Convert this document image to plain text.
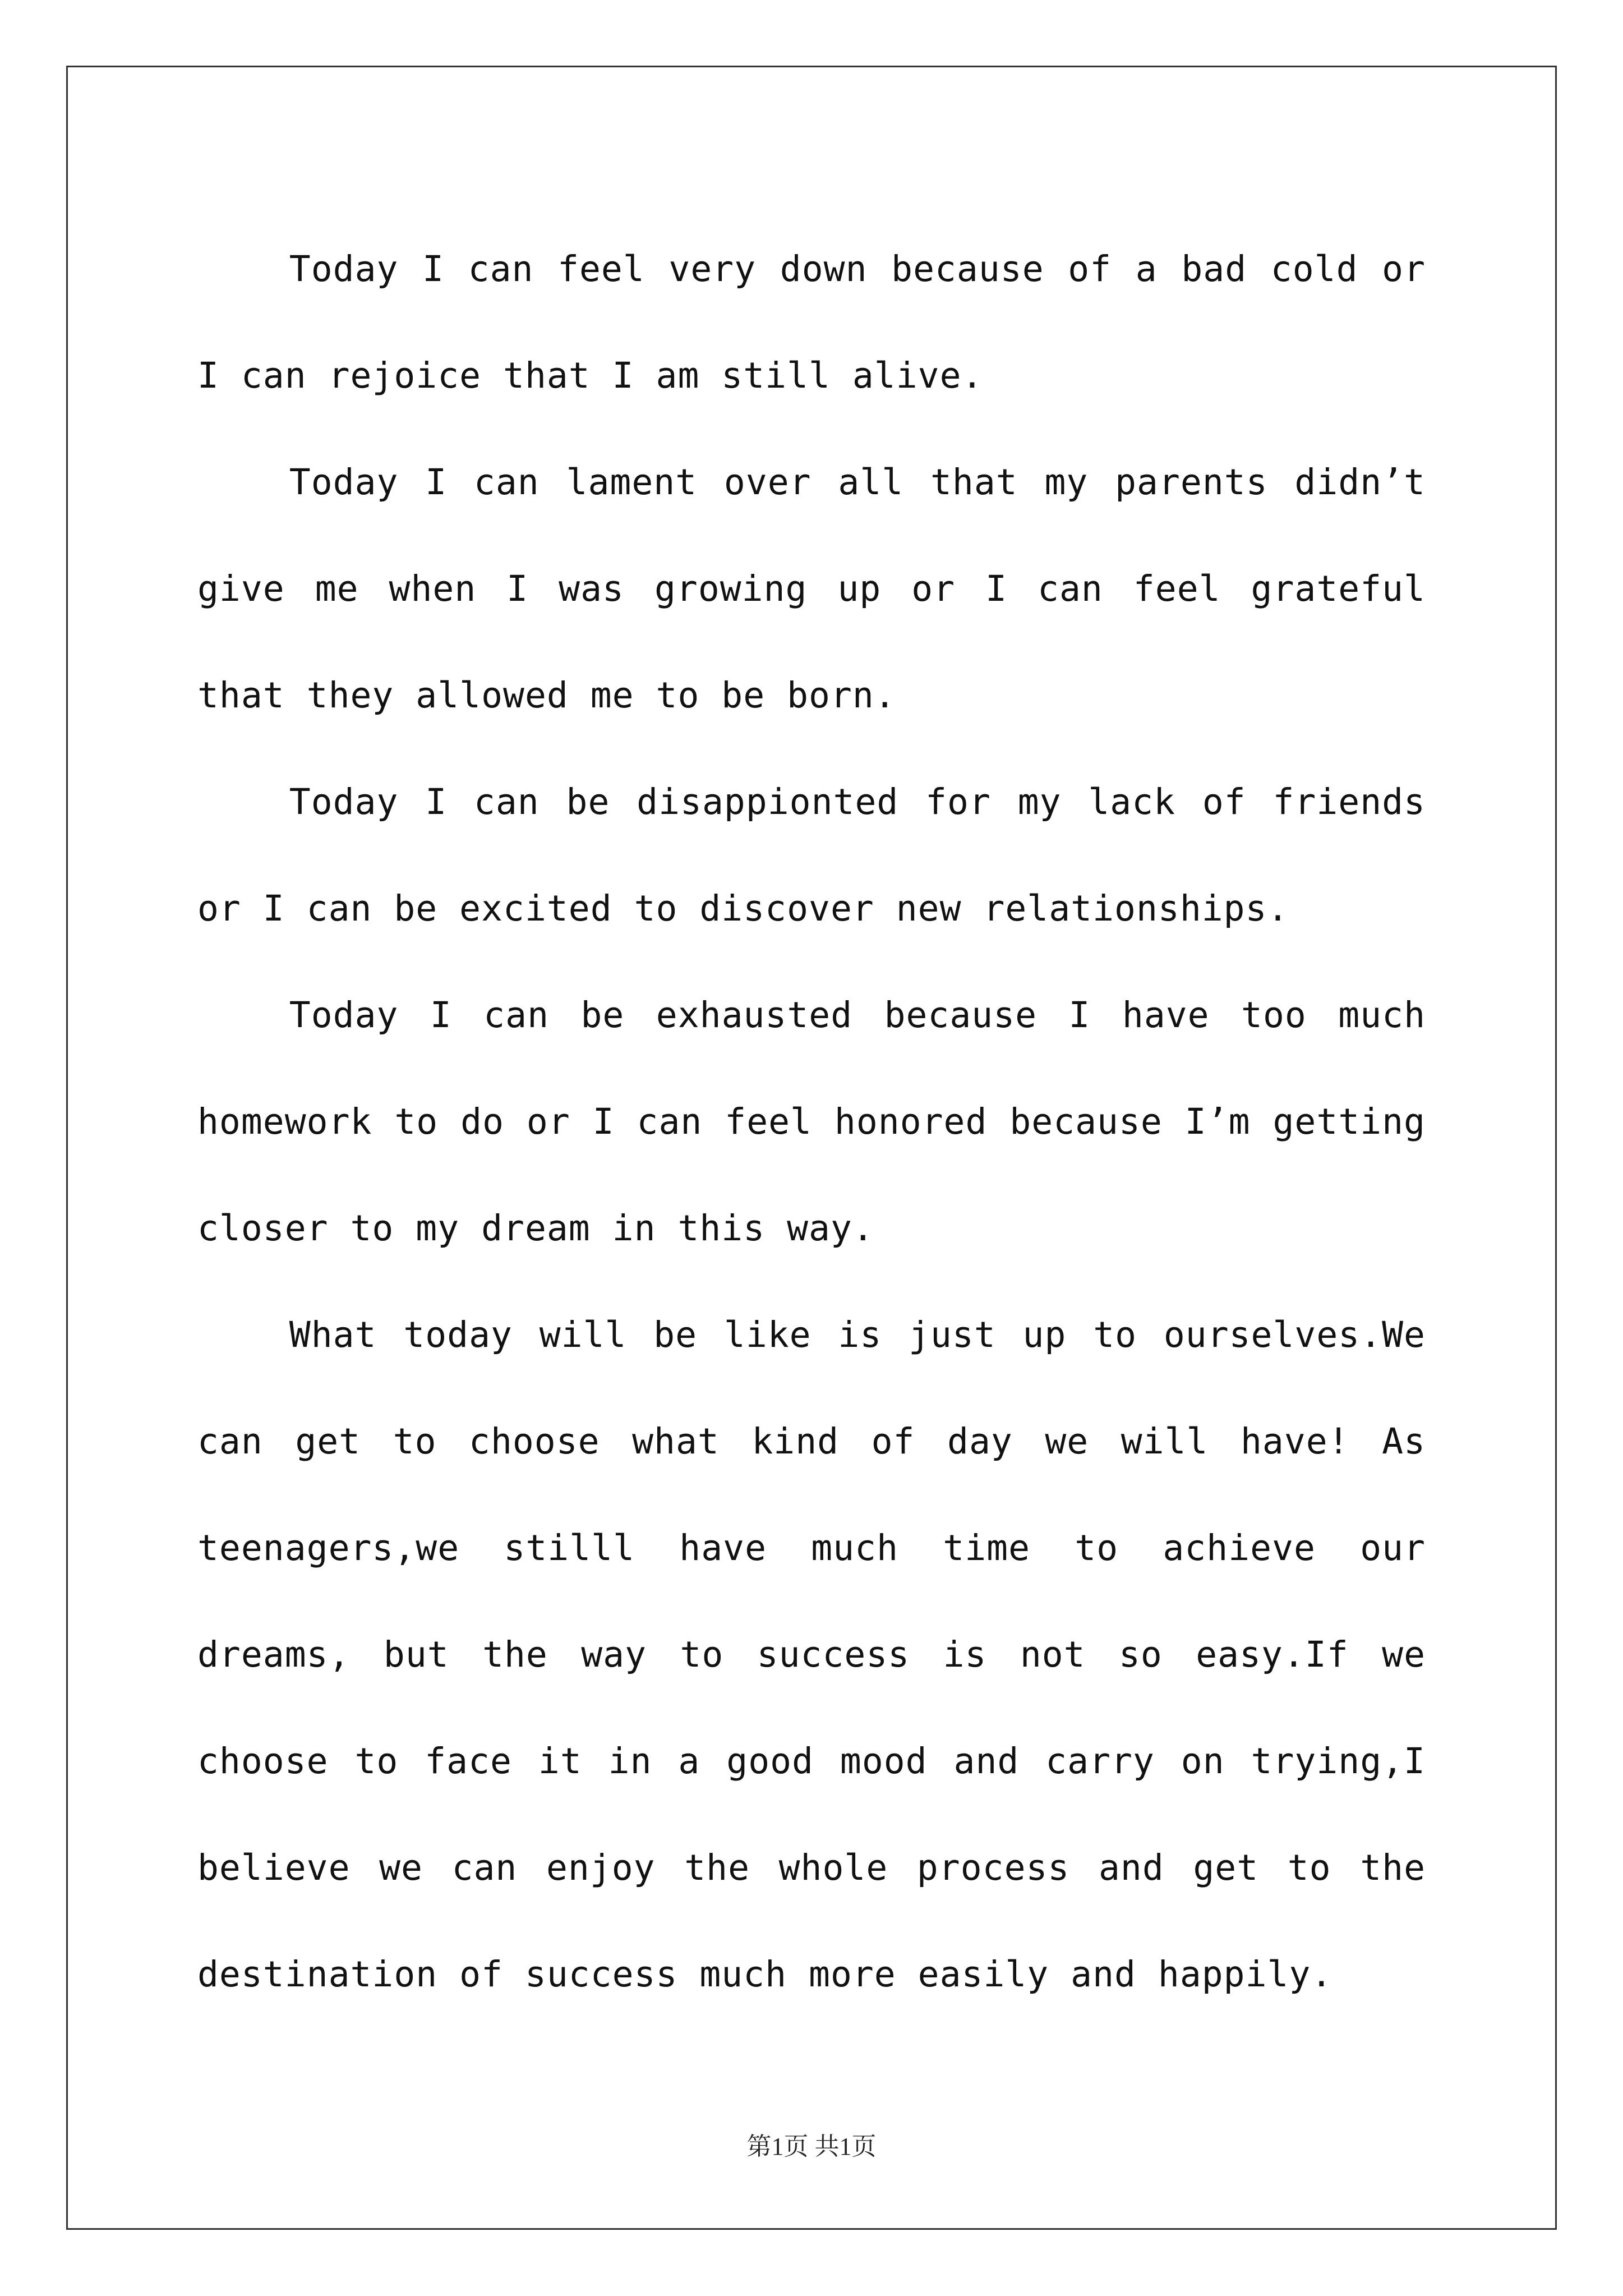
Today I can feel very down because of a bad cold or I can rejoice that I am still alive.

Today I can lament over all that my parents didn’t give me when I was growing up or I can feel grateful that they allowed me to be born.

Today I can be disappionted for my lack of friends or I can be excited to discover new relationships.

Today I can be exhausted because I have too much homework to do or I can feel honored because I’m getting closer to my dream in this way.

What today will be like is just up to ourselves.We can get to choose what kind of day we will have! As teenagers,we stilll have much time to achieve our dreams, but the way to success is not so easy.If we choose to face it in a good mood and carry on trying,I believe we can enjoy the whole process and get to the destination of success much more easily and happily.

第1页 共1页
